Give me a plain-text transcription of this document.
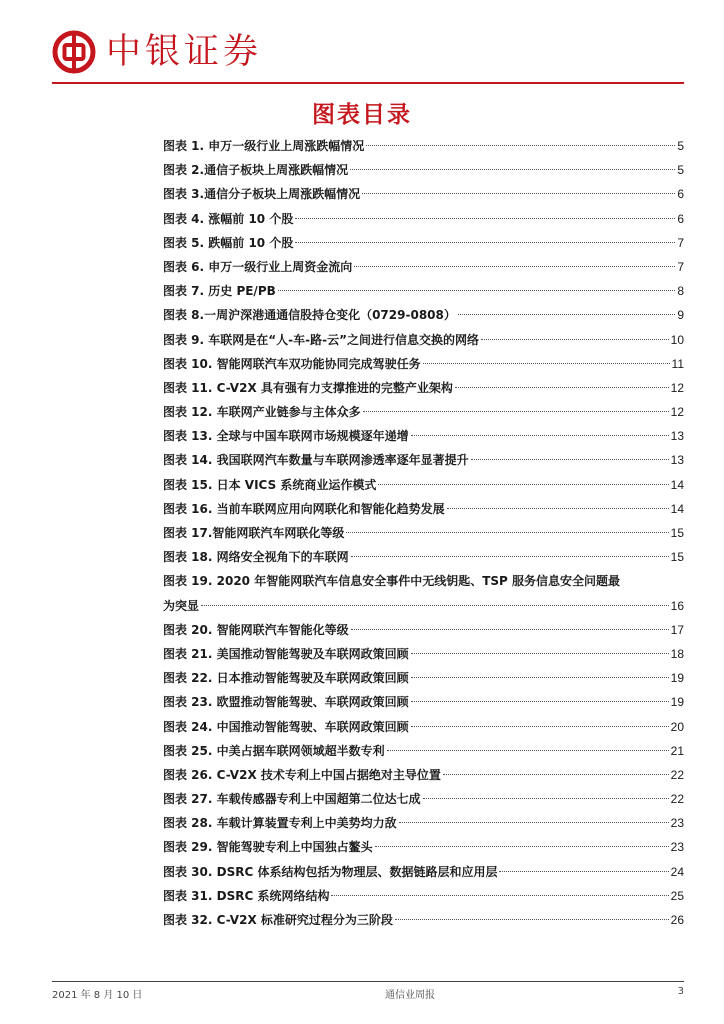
中银证券
图表目录
图表 1. 申万一级行业上周涨跌幅情况	5
图表 2.通信子板块上周涨跌幅情况	5
图表 3.通信分子板块上周涨跌幅情况	6
图表 4. 涨幅前 10 个股	6
图表 5. 跌幅前 10 个股	7
图表 6. 申万一级行业上周资金流向	7
图表 7. 历史 PE/PB	8
图表 8.一周沪深港通通信股持仓变化（0729-0808）	9
图表 9. 车联网是在“人-车-路-云”之间进行信息交换的网络	10
图表 10. 智能网联汽车双功能协同完成驾驶任务	11
图表 11. C-V2X 具有强有力支撑推进的完整产业架构	12
图表 12. 车联网产业链参与主体众多	12
图表 13. 全球与中国车联网市场规模逐年递增	13
图表 14. 我国联网汽车数量与车联网渗透率逐年显著提升	13
图表 15. 日本 VICS 系统商业运作模式	14
图表 16. 当前车联网应用向网联化和智能化趋势发展	14
图表 17.智能网联汽车网联化等级	15
图表 18. 网络安全视角下的车联网	15
图表 19. 2020 年智能网联汽车信息安全事件中无线钥匙、TSP 服务信息安全问题最
为突显	16
图表 20. 智能网联汽车智能化等级	17
图表 21. 美国推动智能驾驶及车联网政策回顾	18
图表 22. 日本推动智能驾驶及车联网政策回顾	19
图表 23. 欧盟推动智能驾驶、车联网政策回顾	19
图表 24. 中国推动智能驾驶、车联网政策回顾	20
图表 25. 中美占据车联网领域超半数专利	21
图表 26. C-V2X 技术专利上中国占据绝对主导位置	22
图表 27. 车载传感器专利上中国超第二位达七成	22
图表 28. 车载计算装置专利上中美势均力敌	23
图表 29. 智能驾驶专利上中国独占鳌头	23
图表 30. DSRC 体系结构包括为物理层、数据链路层和应用层	24
图表 31. DSRC 系统网络结构	25
图表 32. C-V2X 标准研究过程分为三阶段	26
2021 年 8 月 10 日	通信业周报	3
